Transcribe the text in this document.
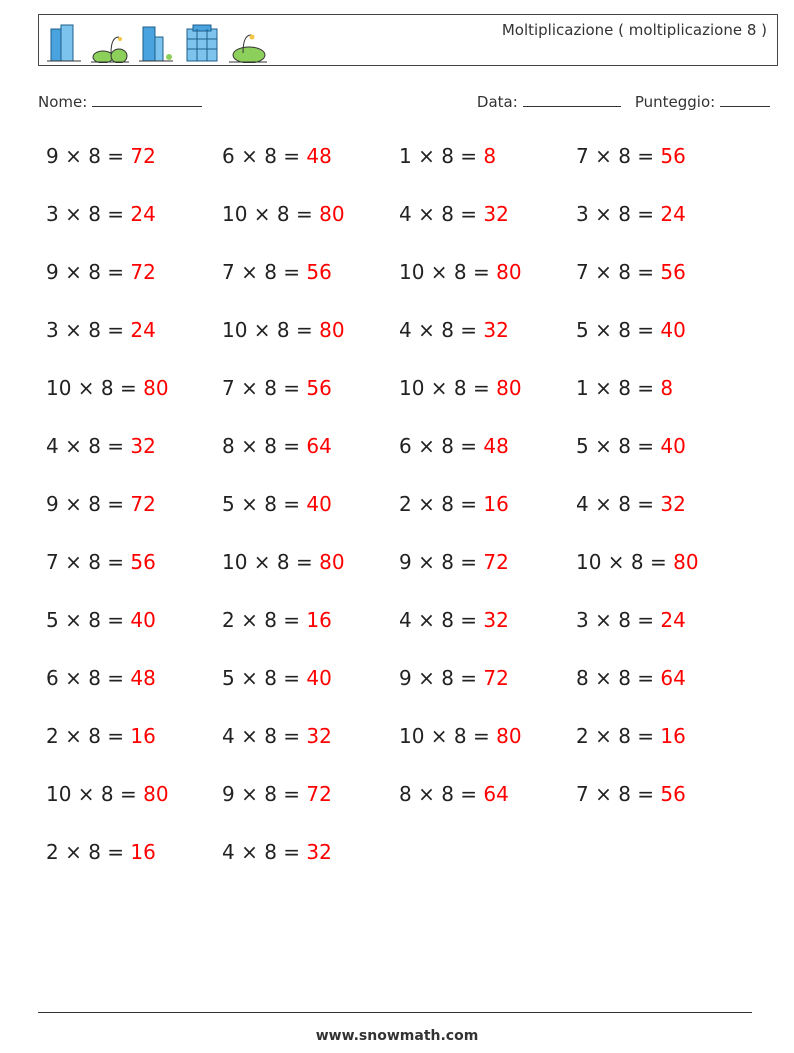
Moltiplicazione ( moltiplicazione 8 )
Nome:	Data:	Punteggio:
9 × 8 = 72	6 × 8 = 48	1 × 8 = 8	7 × 8 = 56
3 × 8 = 24	10 × 8 = 80	4 × 8 = 32	3 × 8 = 24
9 × 8 = 72	7 × 8 = 56	10 × 8 = 80	7 × 8 = 56
3 × 8 = 24	10 × 8 = 80	4 × 8 = 32	5 × 8 = 40
10 × 8 = 80	7 × 8 = 56	10 × 8 = 80	1 × 8 = 8
4 × 8 = 32	8 × 8 = 64	6 × 8 = 48	5 × 8 = 40
9 × 8 = 72	5 × 8 = 40	2 × 8 = 16	4 × 8 = 32
7 × 8 = 56	10 × 8 = 80	9 × 8 = 72	10 × 8 = 80
5 × 8 = 40	2 × 8 = 16	4 × 8 = 32	3 × 8 = 24
6 × 8 = 48	5 × 8 = 40	9 × 8 = 72	8 × 8 = 64
2 × 8 = 16	4 × 8 = 32	10 × 8 = 80	2 × 8 = 16
10 × 8 = 80	9 × 8 = 72	8 × 8 = 64	7 × 8 = 56
2 × 8 = 16	4 × 8 = 32
www.snowmath.com
